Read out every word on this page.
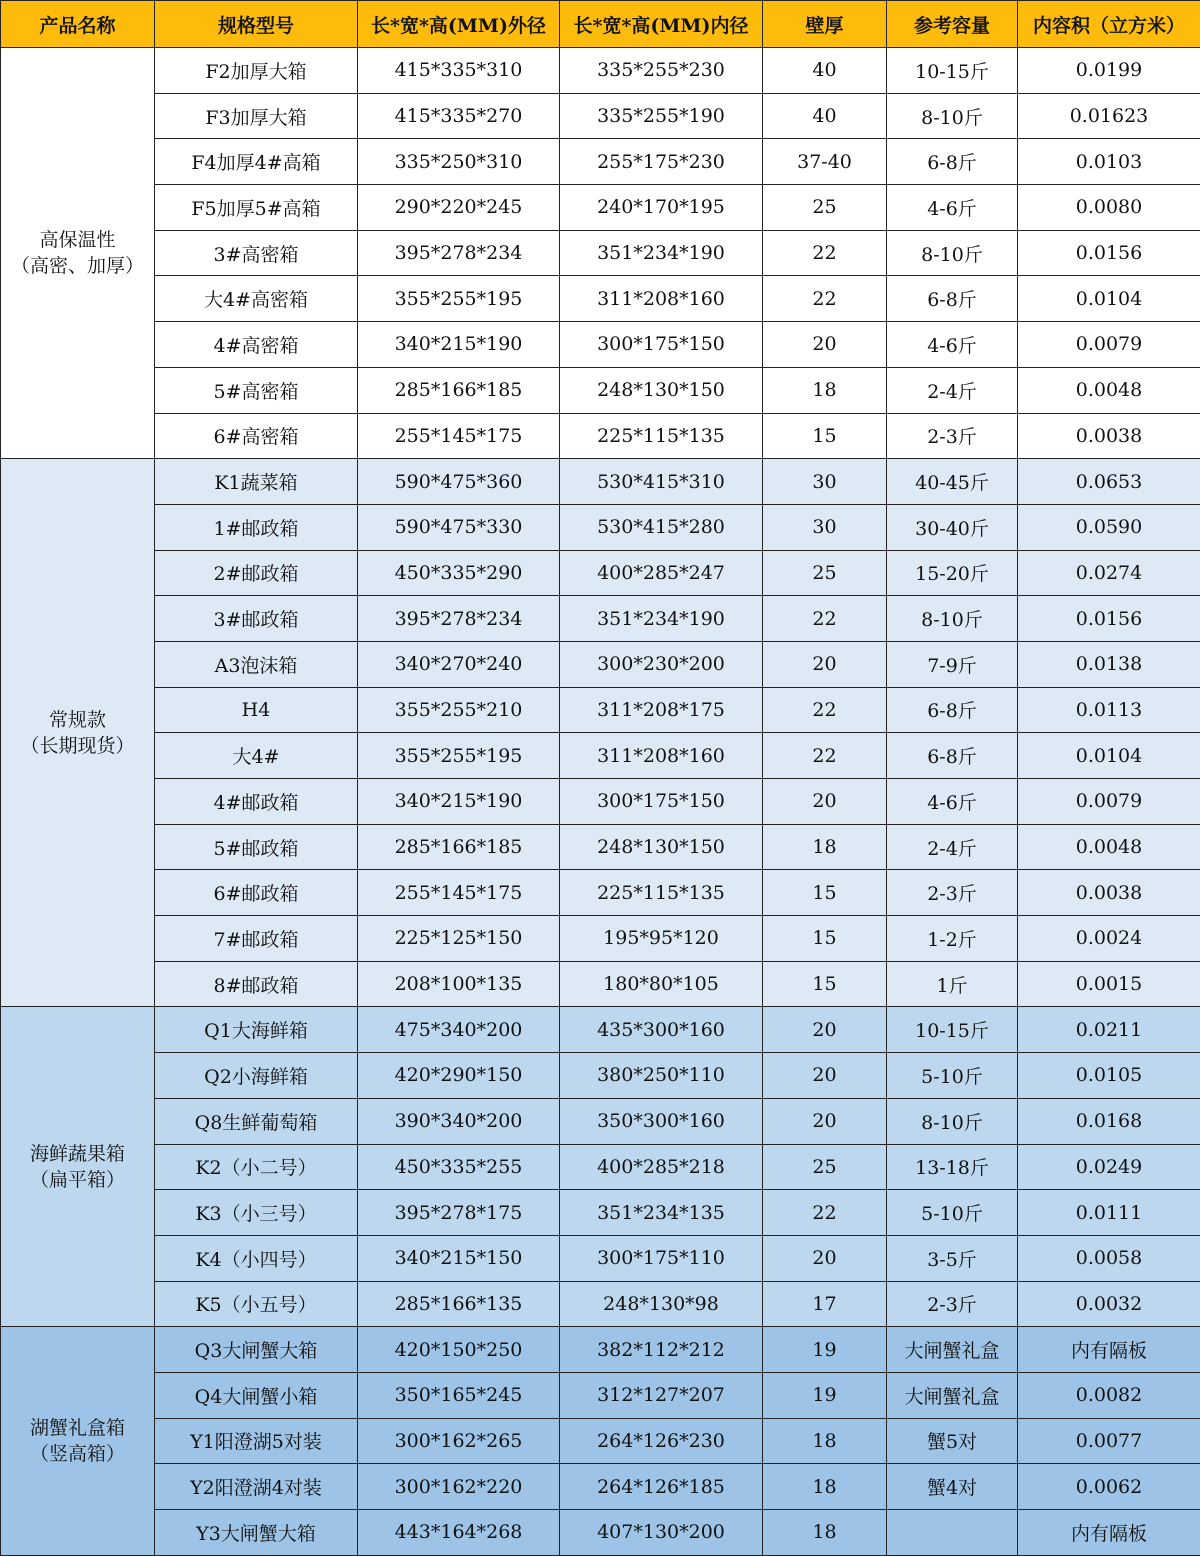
产品名称	规格型号	长*宽*高(MM)外径	长*宽*高(MM)内径	壁厚	参考容量	内容积（立方米）

高保温性
（高密、加厚）	F2加厚大箱	415*335*310	335*255*230	40	10-15斤	0.0199
	F3加厚大箱	415*335*270	335*255*190	40	8-10斤	0.01623
	F4加厚4#高箱	335*250*310	255*175*230	37-40	6-8斤	0.0103
	F5加厚5#高箱	290*220*245	240*170*195	25	4-6斤	0.0080
	3#高密箱	395*278*234	351*234*190	22	8-10斤	0.0156
	大4#高密箱	355*255*195	311*208*160	22	6-8斤	0.0104
	4#高密箱	340*215*190	300*175*150	20	4-6斤	0.0079
	5#高密箱	285*166*185	248*130*150	18	2-4斤	0.0048
	6#高密箱	255*145*175	225*115*135	15	2-3斤	0.0038

常规款
（长期现货）	K1蔬菜箱	590*475*360	530*415*310	30	40-45斤	0.0653
	1#邮政箱	590*475*330	530*415*280	30	30-40斤	0.0590
	2#邮政箱	450*335*290	400*285*247	25	15-20斤	0.0274
	3#邮政箱	395*278*234	351*234*190	22	8-10斤	0.0156
	A3泡沫箱	340*270*240	300*230*200	20	7-9斤	0.0138
	H4	355*255*210	311*208*175	22	6-8斤	0.0113
	大4#	355*255*195	311*208*160	22	6-8斤	0.0104
	4#邮政箱	340*215*190	300*175*150	20	4-6斤	0.0079
	5#邮政箱	285*166*185	248*130*150	18	2-4斤	0.0048
	6#邮政箱	255*145*175	225*115*135	15	2-3斤	0.0038
	7#邮政箱	225*125*150	195*95*120	15	1-2斤	0.0024
	8#邮政箱	208*100*135	180*80*105	15	1斤	0.0015

海鲜蔬果箱
（扁平箱）	Q1大海鲜箱	475*340*200	435*300*160	20	10-15斤	0.0211
	Q2小海鲜箱	420*290*150	380*250*110	20	5-10斤	0.0105
	Q8生鲜葡萄箱	390*340*200	350*300*160	20	8-10斤	0.0168
	K2（小二号）	450*335*255	400*285*218	25	13-18斤	0.0249
	K3（小三号）	395*278*175	351*234*135	22	5-10斤	0.0111
	K4（小四号）	340*215*150	300*175*110	20	3-5斤	0.0058
	K5（小五号）	285*166*135	248*130*98	17	2-3斤	0.0032

湖蟹礼盒箱
（竖高箱）	Q3大闸蟹大箱	420*150*250	382*112*212	19	大闸蟹礼盒	内有隔板
	Q4大闸蟹小箱	350*165*245	312*127*207	19	大闸蟹礼盒	0.0082
	Y1阳澄湖5对装	300*162*265	264*126*230	18	蟹5对	0.0077
	Y2阳澄湖4对装	300*162*220	264*126*185	18	蟹4对	0.0062
	Y3大闸蟹大箱	443*164*268	407*130*200	18		内有隔板
